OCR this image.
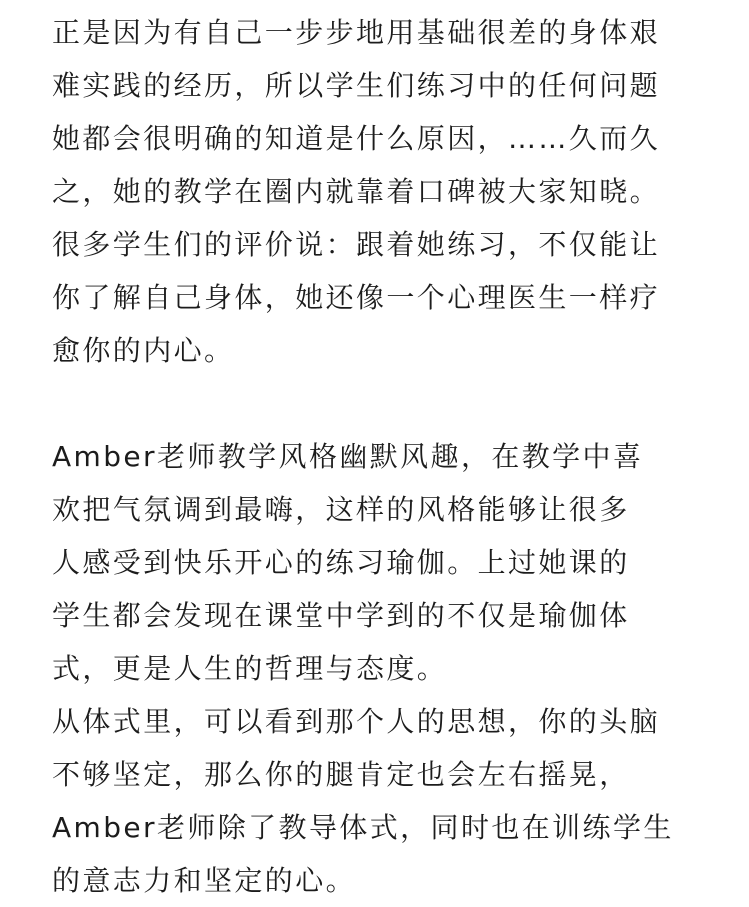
正是因为有自己一步步地用基础很差的身体艰
难实践的经历，所以学生们练习中的任何问题
她都会很明确的知道是什么原因，……久而久
之，她的教学在圈内就靠着口碑被大家知晓。
很多学生们的评价说：跟着她练习，不仅能让
你了解自己身体，她还像一个心理医生一样疗
愈你的内心。
Amber老师教学风格幽默风趣，在教学中喜
欢把气氛调到最嗨，这样的风格能够让很多
人感受到快乐开心的练习瑜伽。上过她课的
学生都会发现在课堂中学到的不仅是瑜伽体
式，更是人生的哲理与态度。
从体式里，可以看到那个人的思想，你的头脑
不够坚定，那么你的腿肯定也会左右摇晃，
Amber老师除了教导体式，同时也在训练学生
的意志力和坚定的心。
